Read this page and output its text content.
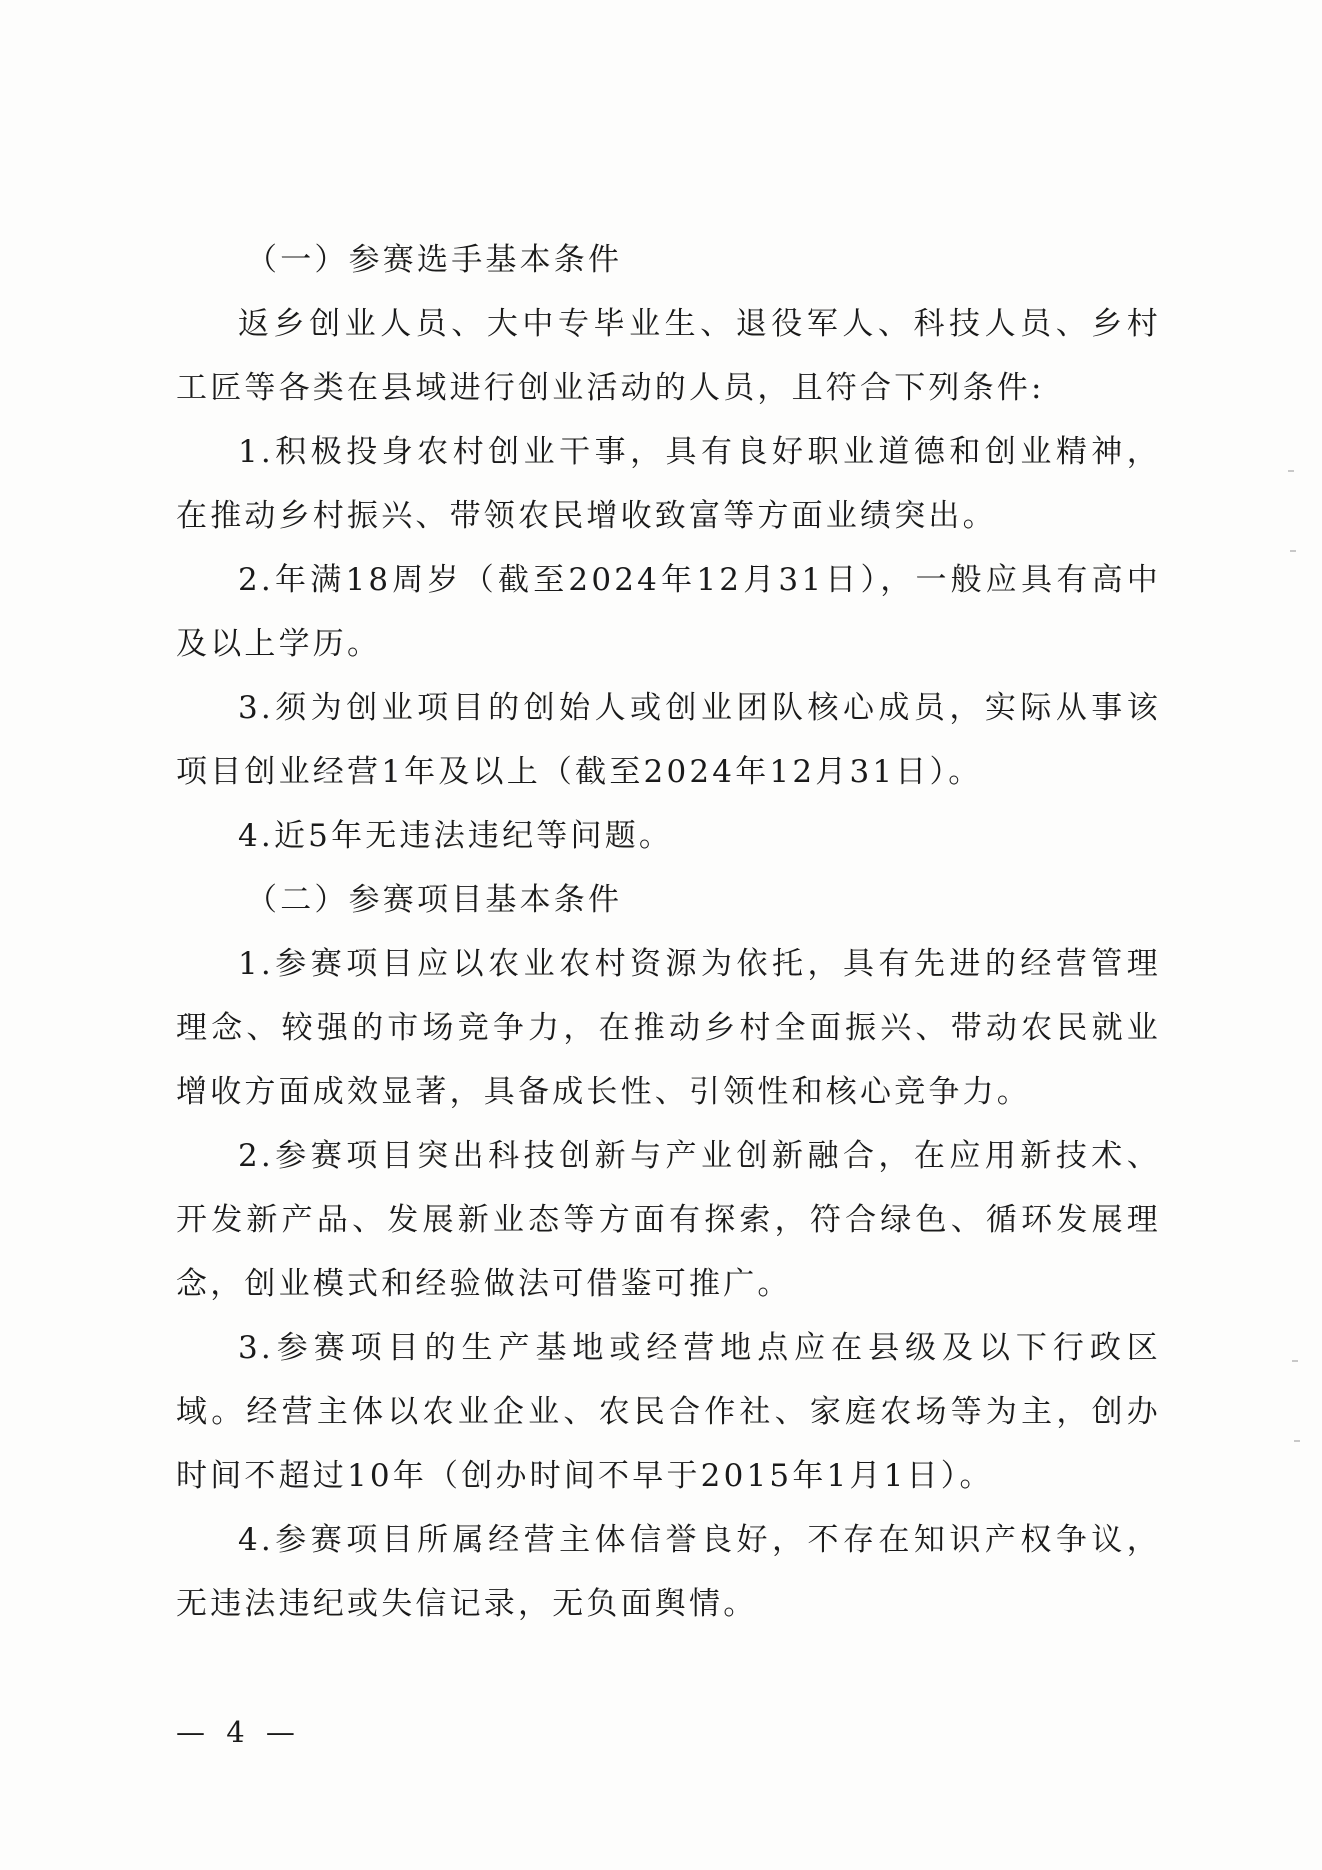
（一）参赛选手基本条件

返乡创业人员、大中专毕业生、退役军人、科技人员、乡村工匠等各类在县域进行创业活动的人员，且符合下列条件:

1.积极投身农村创业干事，具有良好职业道德和创业精神，在推动乡村振兴、带领农民增收致富等方面业绩突出。

2.年满18周岁（截至2024年12月31日），一般应具有高中及以上学历。

3.须为创业项目的创始人或创业团队核心成员，实际从事该项目创业经营1年及以上（截至2024年12月31日）。

4.近5年无违法违纪等问题。

（二）参赛项目基本条件

1.参赛项目应以农业农村资源为依托，具有先进的经营管理理念、较强的市场竞争力，在推动乡村全面振兴、带动农民就业增收方面成效显著，具备成长性、引领性和核心竞争力。

2.参赛项目突出科技创新与产业创新融合，在应用新技术、开发新产品、发展新业态等方面有探索，符合绿色、循环发展理念，创业模式和经验做法可借鉴可推广。

3.参赛项目的生产基地或经营地点应在县级及以下行政区域。经营主体以农业企业、农民合作社、家庭农场等为主，创办时间不超过10年（创办时间不早于2015年1月1日）。

4.参赛项目所属经营主体信誉良好，不存在知识产权争议，无违法违纪或失信记录，无负面舆情。

— 4 —
